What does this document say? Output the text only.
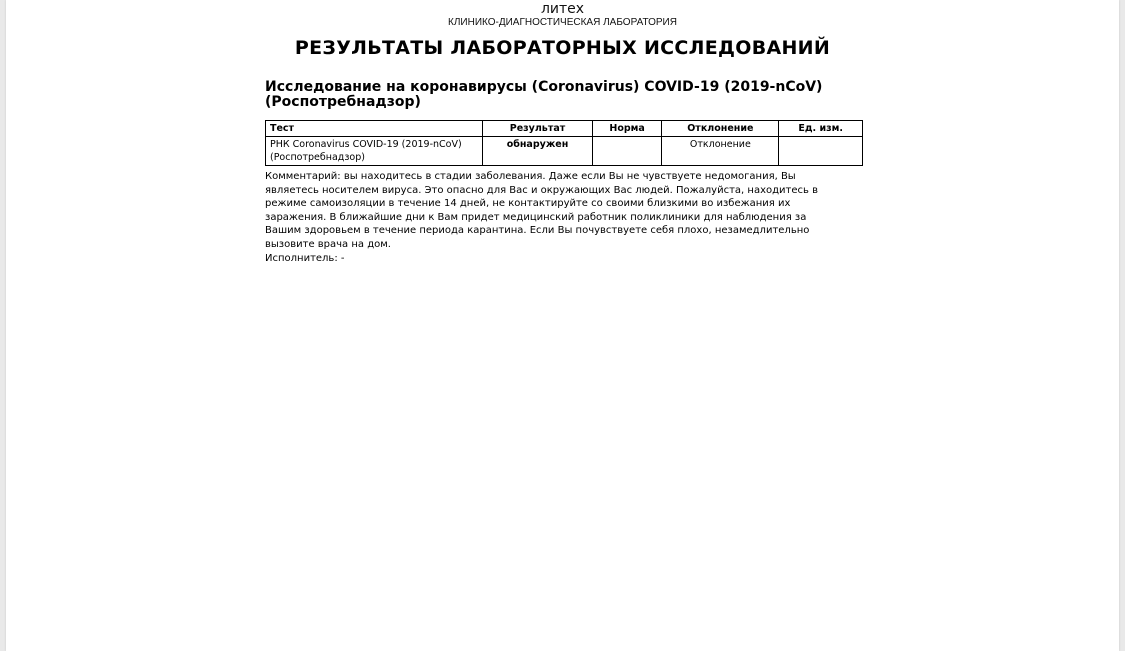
литех
КЛИНИКО-ДИАГНОСТИЧЕСКАЯ ЛАБОРАТОРИЯ
РЕЗУЛЬТАТЫ ЛАБОРАТОРНЫХ ИССЛЕДОВАНИЙ
Исследование на коронавирусы (Coronavirus) COVID-19 (2019-nCoV) (Роспотребнадзор)
Тест	Результат	Норма	Отклонение	Ед. изм.
РНК Coronavirus COVID-19 (2019-nCoV) (Роспотребнадзор)	обнаружен		Отклонение	
Комментарий: вы находитесь в стадии заболевания. Даже если Вы не чувствуете недомогания, Вы являетесь носителем вируса. Это опасно для Вас и окружающих Вас людей. Пожалуйста, находитесь в режиме самоизоляции в течение 14 дней, не контактируйте со своими близкими во избежания их заражения. В ближайшие дни к Вам придет медицинский работник поликлиники для наблюдения за Вашим здоровьем в течение периода карантина. Если Вы почувствуете себя плохо, незамедлительно вызовите врача на дом.
Исполнитель: -
